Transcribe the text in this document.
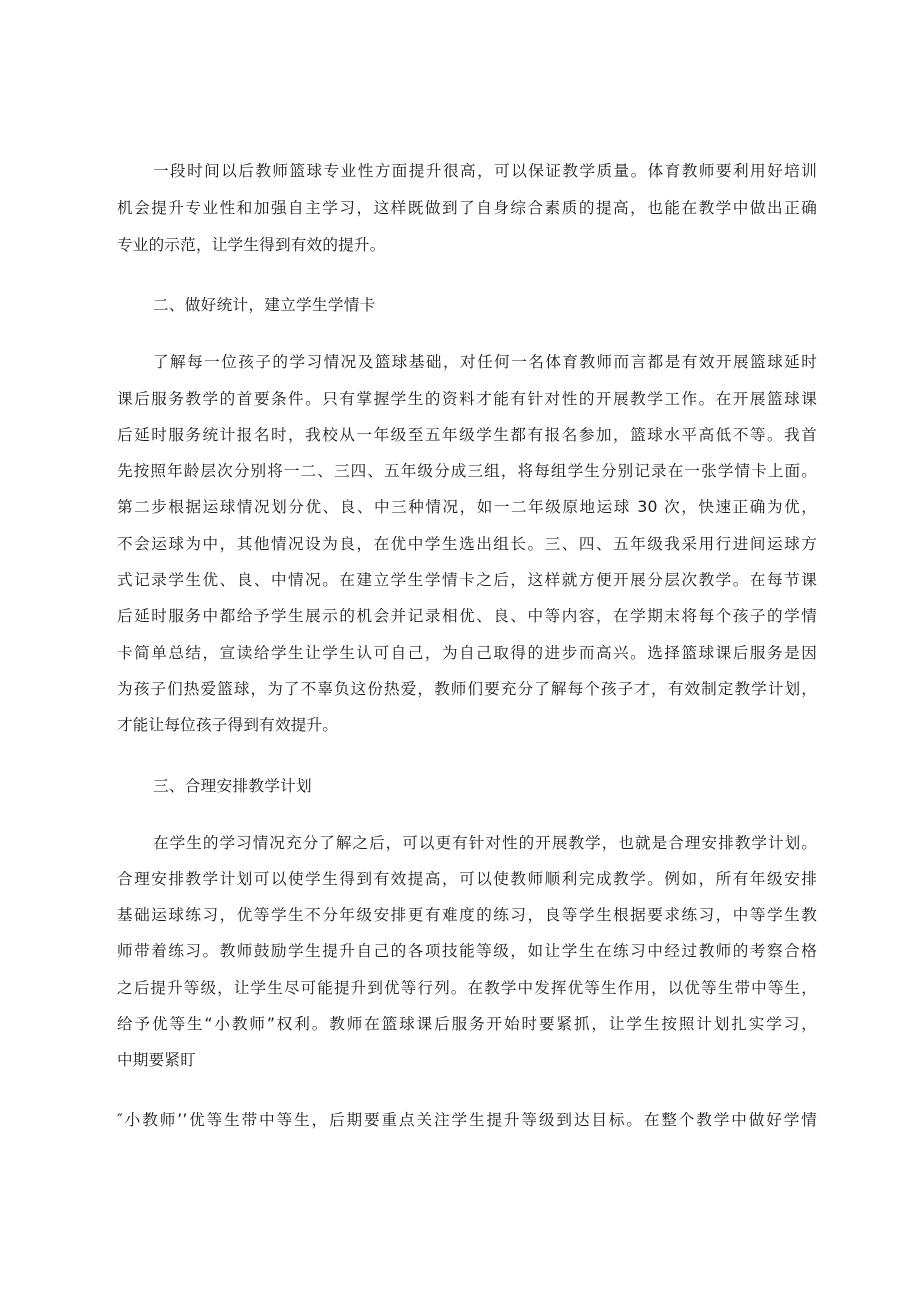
一段时间以后教师篮球专业性方面提升很高，可以保证教学质量。体育教师要利用好培训
机会提升专业性和加强自主学习，这样既做到了自身综合素质的提高，也能在教学中做出正确
专业的示范，让学生得到有效的提升。
二、做好统计，建立学生学情卡
了解每一位孩子的学习情况及篮球基础，对任何一名体育教师而言都是有效开展篮球延时
课后服务教学的首要条件。只有掌握学生的资料才能有针对性的开展教学工作。在开展篮球课
后延时服务统计报名时，我校从一年级至五年级学生都有报名参加，篮球水平高低不等。我首
先按照年龄层次分别将一二、三四、五年级分成三组，将每组学生分别记录在一张学情卡上面。
第二步根据运球情况划分优、良、中三种情况，如一二年级原地运球 30 次，快速正确为优，
不会运球为中，其他情况设为良，在优中学生选出组长。三、四、五年级我采用行进间运球方
式记录学生优、良、中情况。在建立学生学情卡之后，这样就方便开展分层次教学。在每节课
后延时服务中都给予学生展示的机会并记录相优、良、中等内容，在学期末将每个孩子的学情
卡简单总结，宣读给学生让学生认可自己，为自己取得的进步而高兴。选择篮球课后服务是因
为孩子们热爱篮球，为了不辜负这份热爱，教师们要充分了解每个孩子才，有效制定教学计划，
才能让每位孩子得到有效提升。
三、合理安排教学计划
在学生的学习情况充分了解之后，可以更有针对性的开展教学，也就是合理安排教学计划。
合理安排教学计划可以使学生得到有效提高，可以使教师顺利完成教学。例如，所有年级安排
基础运球练习，优等学生不分年级安排更有难度的练习，良等学生根据要求练习，中等学生教
师带着练习。教师鼓励学生提升自己的各项技能等级，如让学生在练习中经过教师的考察合格
之后提升等级，让学生尽可能提升到优等行列。在教学中发挥优等生作用，以优等生带中等生，
给予优等生“小教师”权利。教师在篮球课后服务开始时要紧抓，让学生按照计划扎实学习，
中期要紧盯
″小教师’’优等生带中等生，后期要重点关注学生提升等级到达目标。在整个教学中做好学情
